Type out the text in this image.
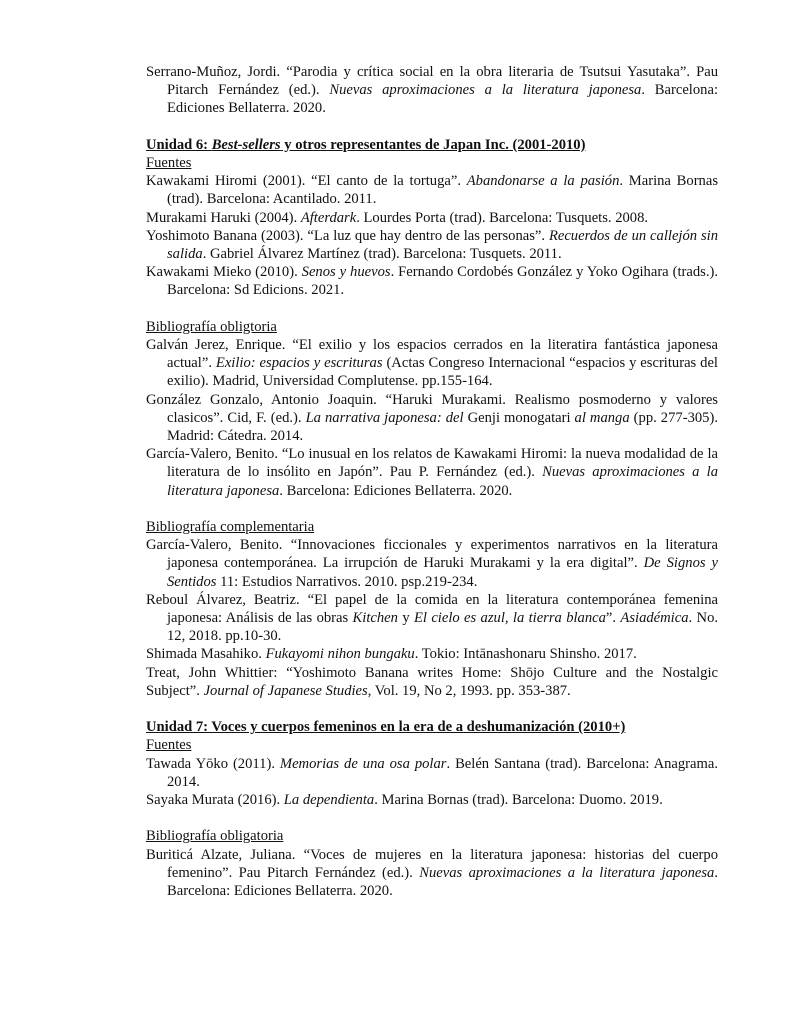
Serrano-Muñoz, Jordi. “Parodia y crítica social en la obra literaria de Tsutsui Yasutaka”. Pau Pitarch Fernández (ed.). Nuevas aproximaciones a la literatura japonesa. Barcelona: Ediciones Bellaterra. 2020.

Unidad 6: Best-sellers y otros representantes de Japan Inc. (2001-2010)

Fuentes

Kawakami Hiromi (2001). “El canto de la tortuga”. Abandonarse a la pasión. Marina Bornas (trad). Barcelona: Acantilado. 2011.

Murakami Haruki (2004). Afterdark. Lourdes Porta (trad). Barcelona: Tusquets. 2008.

Yoshimoto Banana (2003). “La luz que hay dentro de las personas”. Recuerdos de un callejón sin salida. Gabriel Álvarez Martínez (trad). Barcelona: Tusquets. 2011.

Kawakami Mieko (2010). Senos y huevos. Fernando Cordobés González y Yoko Ogihara (trads.). Barcelona: Sd Edicions. 2021.

Bibliografía obligtoria

Galván Jerez, Enrique. “El exilio y los espacios cerrados en la literatira fantástica japonesa actual”. Exilio: espacios y escrituras (Actas Congreso Internacional “espacios y escrituras del exilio). Madrid, Universidad Complutense. pp.155-164.

González Gonzalo, Antonio Joaquin. “Haruki Murakami. Realismo posmoderno y valores clasicos”. Cid, F. (ed.). La narrativa japonesa: del Genji monogatari al manga (pp. 277-305). Madrid: Cátedra. 2014.

García-Valero, Benito. “Lo inusual en los relatos de Kawakami Hiromi: la nueva modalidad de la literatura de lo insólito en Japón”. Pau P. Fernández (ed.). Nuevas aproximaciones a la literatura japonesa. Barcelona: Ediciones Bellaterra. 2020.

Bibliografía complementaria

García-Valero, Benito. “Innovaciones ficcionales y experimentos narrativos en la literatura japonesa contemporánea. La irrupción de Haruki Murakami y la era digital”. De Signos y Sentidos 11: Estudios Narrativos. 2010. psp.219-234.

Reboul Álvarez, Beatriz. “El papel de la comida en la literatura contemporánea femenina japonesa: Análisis de las obras Kitchen y El cielo es azul, la tierra blanca”. Asiadémica. No. 12, 2018. pp.10-30.

Shimada Masahiko. Fukayomi nihon bungaku. Tokio: Intānashonaru Shinsho. 2017.

Treat, John Whittier: “Yoshimoto Banana writes Home: Shōjo Culture and the Nostalgic Subject”. Journal of Japanese Studies, Vol. 19, No 2, 1993. pp. 353-387.

Unidad 7: Voces y cuerpos femeninos en la era de a deshumanización (2010+)

Fuentes

Tawada Yōko (2011). Memorias de una osa polar. Belén Santana (trad). Barcelona: Anagrama. 2014.

Sayaka Murata (2016). La dependienta. Marina Bornas (trad). Barcelona: Duomo. 2019.

Bibliografía obligatoria

Buriticá Alzate, Juliana. “Voces de mujeres en la literatura japonesa: historias del cuerpo femenino”. Pau Pitarch Fernández (ed.). Nuevas aproximaciones a la literatura japonesa. Barcelona: Ediciones Bellaterra. 2020.
